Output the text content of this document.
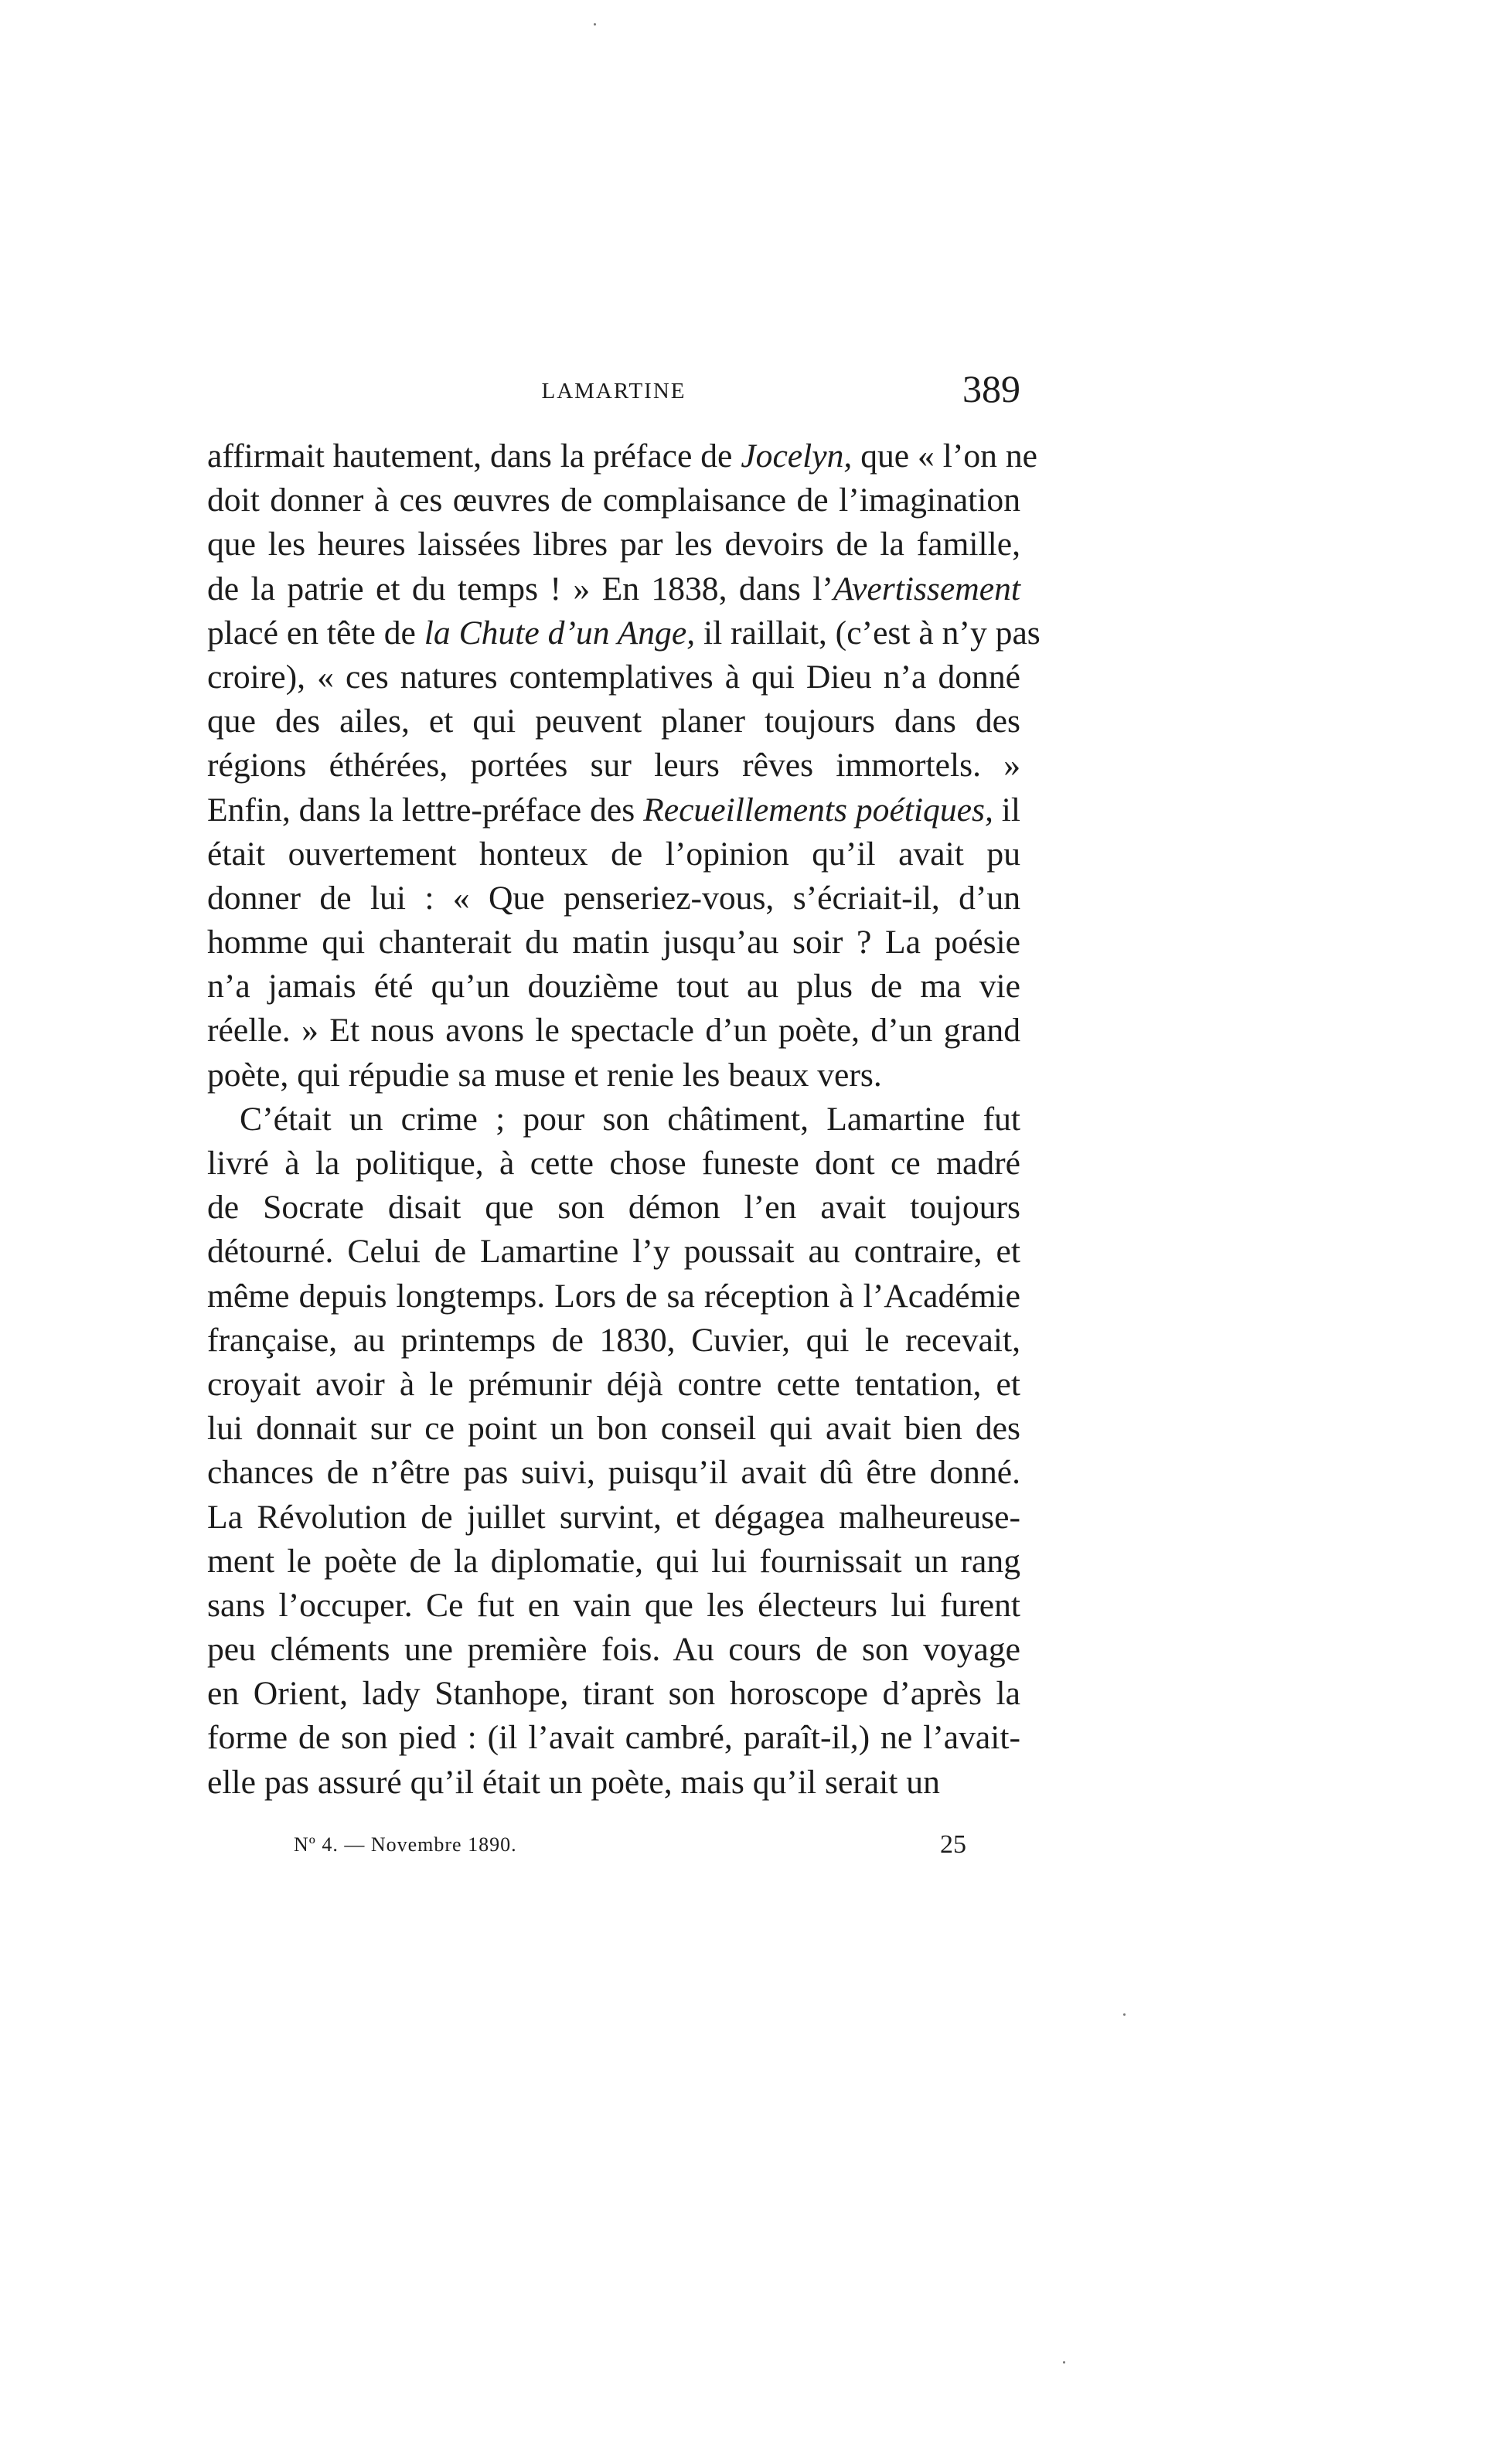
LAMARTINE	389
affirmait hautement, dans la préface de Jocelyn, que « l’on ne
doit donner à ces œuvres de complaisance de l’imagination
que les heures laissées libres par les devoirs de la famille,
de la patrie et du temps ! » En 1838, dans l’Avertissement
placé en tête de la Chute d’un Ange, il raillait, (c’est à n’y pas
croire), « ces natures contemplatives à qui Dieu n’a donné
que des ailes, et qui peuvent planer toujours dans des
régions éthérées, portées sur leurs rêves immortels. »
Enfin, dans la lettre-préface des Recueillements poétiques, il
était ouvertement honteux de l’opinion qu’il avait pu
donner de lui : « Que penseriez-vous, s’écriait-il, d’un
homme qui chanterait du matin jusqu’au soir ? La poésie
n’a jamais été qu’un douzième tout au plus de ma vie
réelle. » Et nous avons le spectacle d’un poète, d’un grand
poète, qui répudie sa muse et renie les beaux vers.
C’était un crime ; pour son châtiment, Lamartine fut
livré à la politique, à cette chose funeste dont ce madré
de Socrate disait que son démon l’en avait toujours
détourné. Celui de Lamartine l’y poussait au contraire, et
même depuis longtemps. Lors de sa réception à l’Académie
française, au printemps de 1830, Cuvier, qui le recevait,
croyait avoir à le prémunir déjà contre cette tentation, et
lui donnait sur ce point un bon conseil qui avait bien des
chances de n’être pas suivi, puisqu’il avait dû être donné.
La Révolution de juillet survint, et dégagea malheureuse-
ment le poète de la diplomatie, qui lui fournissait un rang
sans l’occuper. Ce fut en vain que les électeurs lui furent
peu cléments une première fois. Au cours de son voyage
en Orient, lady Stanhope, tirant son horoscope d’après la
forme de son pied : (il l’avait cambré, paraît-il,) ne l’avait-
elle pas assuré qu’il était un poète, mais qu’il serait un
Nº 4. — Novembre 1890.	25
